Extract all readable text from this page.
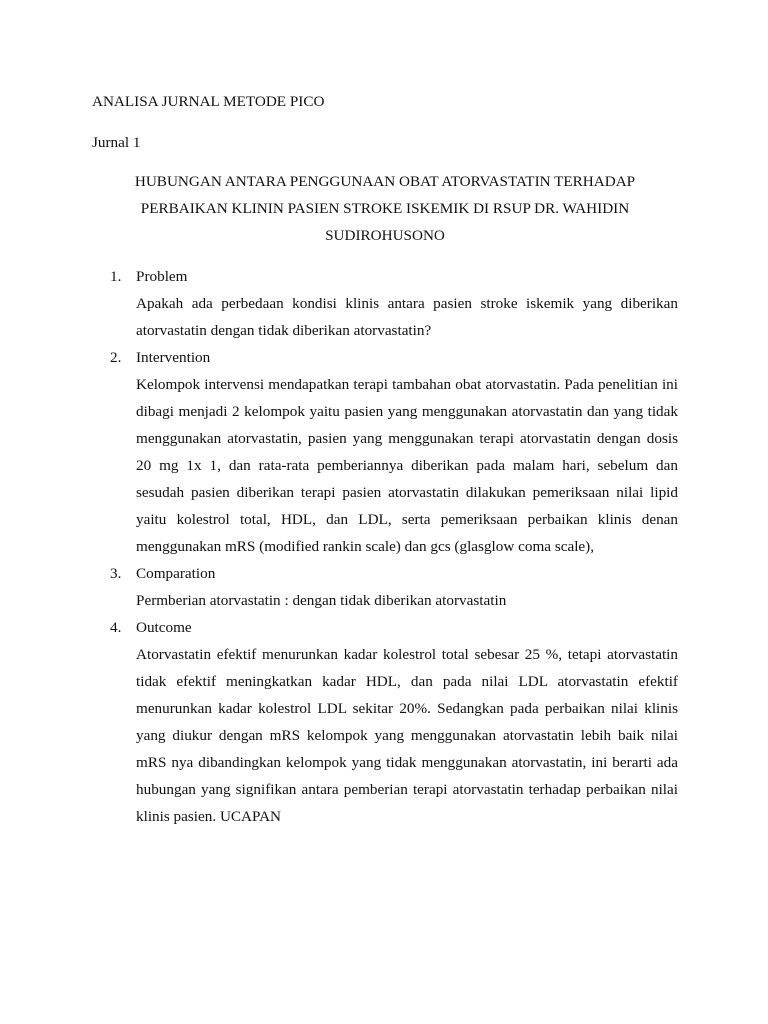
ANALISA JURNAL METODE PICO

Jurnal 1

HUBUNGAN ANTARA PENGGUNAAN OBAT ATORVASTATIN TERHADAP PERBAIKAN KLININ PASIEN STROKE ISKEMIK DI RSUP DR. WAHIDIN SUDIROHUSONO
1. Problem

Apakah ada perbedaan kondisi klinis antara pasien stroke iskemik yang diberikan atorvastatin dengan tidak diberikan atorvastatin?

2. Intervention

Kelompok intervensi mendapatkan terapi tambahan obat atorvastatin. Pada penelitian ini dibagi menjadi 2 kelompok yaitu pasien yang menggunakan atorvastatin dan yang tidak menggunakan atorvastatin, pasien yang menggunakan terapi atorvastatin dengan dosis 20 mg 1x 1, dan rata-rata pemberiannya diberikan pada malam hari, sebelum dan sesudah pasien diberikan terapi pasien atorvastatin dilakukan pemeriksaan nilai lipid yaitu kolestrol total, HDL, dan LDL, serta pemeriksaan perbaikan klinis denan menggunakan mRS (modified rankin scale) dan gcs (glasglow coma scale),

3. Comparation

Permberian atorvastatin : dengan tidak diberikan atorvastatin

4. Outcome

Atorvastatin efektif menurunkan kadar kolestrol total sebesar 25 %, tetapi atorvastatin tidak efektif meningkatkan kadar HDL, dan pada nilai LDL atorvastatin efektif menurunkan kadar kolestrol LDL sekitar 20%. Sedangkan pada perbaikan nilai klinis yang diukur dengan mRS kelompok yang menggunakan atorvastatin lebih baik nilai mRS nya dibandingkan kelompok yang tidak menggunakan atorvastatin, ini berarti ada hubungan yang signifikan antara pemberian terapi atorvastatin terhadap perbaikan nilai klinis pasien. UCAPAN
